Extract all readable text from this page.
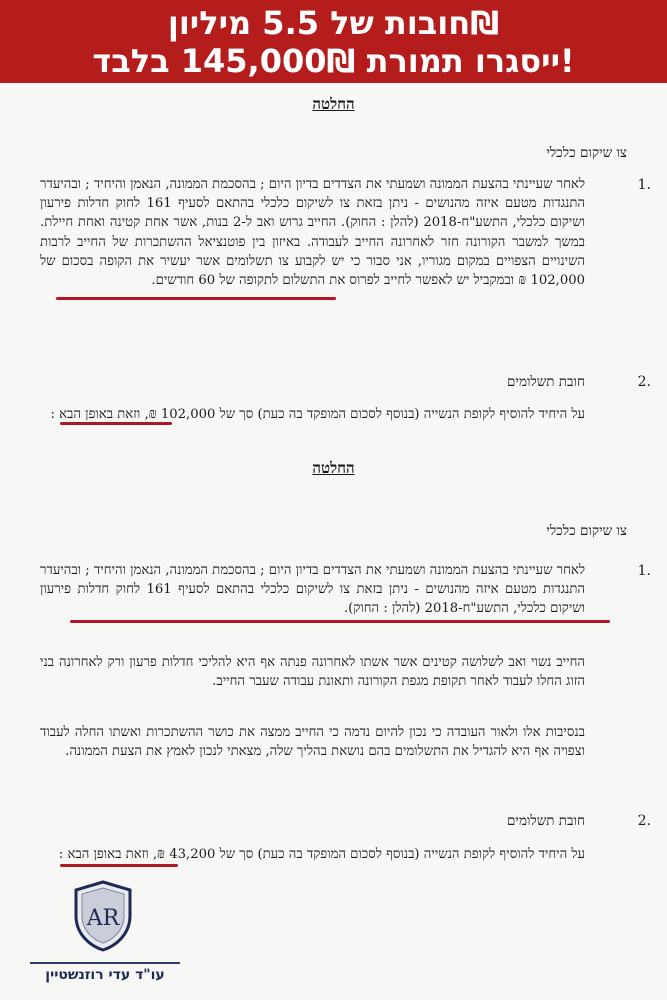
חובות של 5.5 מיליון₪
ייסגרו תמורת 145,000₪ בלבד!
החלטה
צו שיקום כלכלי
1.
לאחר שעיינתי בהצעת הממונה ושמעתי את הצדדים בדיון היום ; בהסכמת הממונה, הנאמן והיחיד ; ובהיעדר התנגדות מטעם איזה מהנושים - ניתן בזאת צו לשיקום כלכלי בהתאם לסעיף 161 לחוק חדלות פירעון ושיקום כלכלי, התשע"ח-2018 (להלן : החוק). החייב גרוש ואב ל-2 בנות, אשר אחת קטינה ואחת חיילת. במשך למשבר הקורונה חזר לאחרונה החייב לעבודה. באיזון בין פוטנציאל ההשתכרות של החייב לרבות השינויים הצפויים במקום מגוריו, אני סבור כי יש לקבוע צו תשלומים אשר יעשיר את הקופה בסכום של 102,000 ₪ ובמקביל יש לאפשר לחייב לפרוס את התשלום לתקופה של 60 חודשים.
2.
חובת תשלומים
על היחיד להוסיף לקופת הנשייה (בנוסף לסכום המופקד בה כעת) סך של 102,000 ₪, וזאת באופן הבא :
החלטה
צו שיקום כלכלי
1.
לאחר שעיינתי בהצעת הממונה ושמעתי את הצדדים בדיון היום ; בהסכמת הממונה, הנאמן והיחיד ; ובהיעדר התנגדות מטעם איזה מהנושים - ניתן בזאת צו לשיקום כלכלי בהתאם לסעיף 161 לחוק חדלות פירעון ושיקום כלכלי, התשע"ח-2018 (להלן : החוק).
החייב נשוי ואב לשלושה קטינים אשר אשתו לאחרונה פנתה אף היא להליכי חדלות פרעון ורק לאחרונה בני הזוג החלו לעבוד לאחר תקופת מגפת הקורונה ותאונת עבודה שעבר החייב.
בנסיבות אלו ולאור העובדה כי נכון להיום נדמה כי החייב ממצה את כושר ההשתכרות ואשתו החלה לעבוד וצפויה אף היא להגדיל את התשלומים בהם נושאת בהליך שלה, מצאתי לנכון לאמץ את הצעת הממונה.
2.
חובת תשלומים
על היחיד להוסיף לקופת הנשייה (בנוסף לסכום המופקד בה כעת) סך של 43,200 ₪, וזאת באופן הבא :
AR
עו"ד עדי רוזנשטיין
